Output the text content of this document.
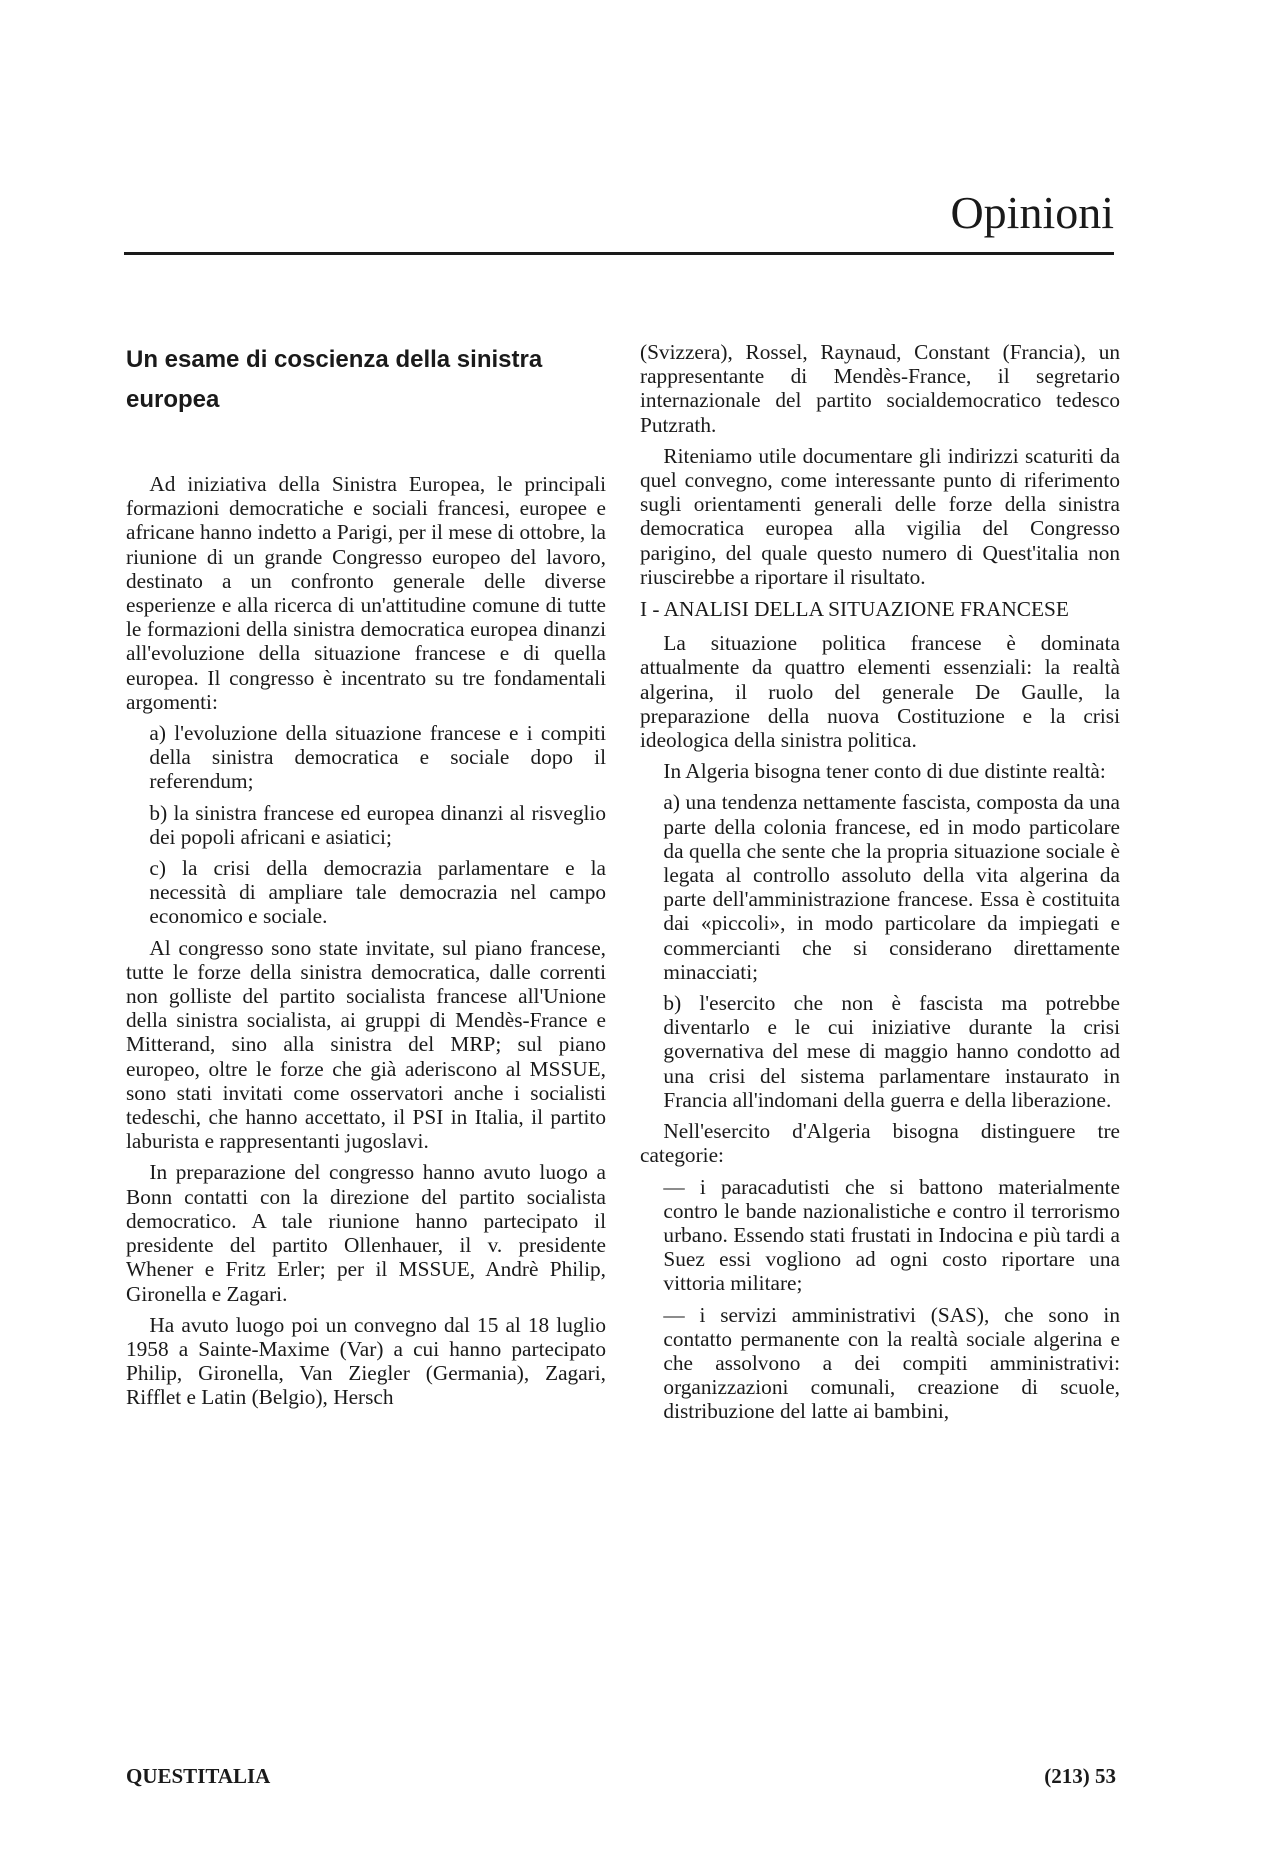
Opinioni
Un esame di coscienza della sinistra europea

Ad iniziativa della Sinistra Europea, le principali formazioni democratiche e sociali francesi, europee e africane hanno indetto a Parigi, per il mese di ottobre, la riunione di un grande Congresso europeo del lavoro, destinato a un confronto generale delle diverse esperienze e alla ricerca di un'attitudine comune di tutte le formazioni della sinistra democratica europea dinanzi all'evoluzione della situazione francese e di quella europea. Il congresso è incentrato su tre fondamentali argomenti:

a) l'evoluzione della situazione francese e i compiti della sinistra democratica e sociale dopo il referendum;

b) la sinistra francese ed europea dinanzi al risveglio dei popoli africani e asiatici;

c) la crisi della democrazia parlamentare e la necessità di ampliare tale democrazia nel campo economico e sociale.

Al congresso sono state invitate, sul piano francese, tutte le forze della sinistra democratica, dalle correnti non golliste del partito socialista francese all'Unione della sinistra socialista, ai gruppi di Mendès-France e Mitterand, sino alla sinistra del MRP; sul piano europeo, oltre le forze che già aderiscono al MSSUE, sono stati invitati come osservatori anche i socialisti tedeschi, che hanno accettato, il PSI in Italia, il partito laburista e rappresentanti jugoslavi.

In preparazione del congresso hanno avuto luogo a Bonn contatti con la direzione del partito socialista democratico. A tale riunione hanno partecipato il presidente del partito Ollenhauer, il v. presidente Whener e Fritz Erler; per il MSSUE, Andrè Philip, Gironella e Zagari.

Ha avuto luogo poi un convegno dal 15 al 18 luglio 1958 a Sainte-Maxime (Var) a cui hanno partecipato Philip, Gironella, Van Ziegler (Germania), Zagari, Rifflet e Latin (Belgio), Hersch

(Svizzera), Rossel, Raynaud, Constant (Francia), un rappresentante di Mendès-France, il segretario internazionale del partito socialdemocratico tedesco Putzrath.

Riteniamo utile documentare gli indirizzi scaturiti da quel convegno, come interessante punto di riferimento sugli orientamenti generali delle forze della sinistra democratica europea alla vigilia del Congresso parigino, del quale questo numero di Quest'italia non riuscirebbe a riportare il risultato.

I - ANALISI DELLA SITUAZIONE FRANCESE

La situazione politica francese è dominata attualmente da quattro elementi essenziali: la realtà algerina, il ruolo del generale De Gaulle, la preparazione della nuova Costituzione e la crisi ideologica della sinistra politica.

In Algeria bisogna tener conto di due distinte realtà:

a) una tendenza nettamente fascista, composta da una parte della colonia francese, ed in modo particolare da quella che sente che la propria situazione sociale è legata al controllo assoluto della vita algerina da parte dell'amministrazione francese. Essa è costituita dai «piccoli», in modo particolare da impiegati e commercianti che si considerano direttamente minacciati;

b) l'esercito che non è fascista ma potrebbe diventarlo e le cui iniziative durante la crisi governativa del mese di maggio hanno condotto ad una crisi del sistema parlamentare instaurato in Francia all'indomani della guerra e della liberazione.

Nell'esercito d'Algeria bisogna distinguere tre categorie:

— i paracadutisti che si battono materialmente contro le bande nazionalistiche e contro il terrorismo urbano. Essendo stati frustati in Indocina e più tardi a Suez essi vogliono ad ogni costo riportare una vittoria militare;

— i servizi amministrativi (SAS), che sono in contatto permanente con la realtà sociale algerina e che assolvono a dei compiti amministrativi: organizzazioni comunali, creazione di scuole, distribuzione del latte ai bambini,

QUESTITALIA	(213) 53
